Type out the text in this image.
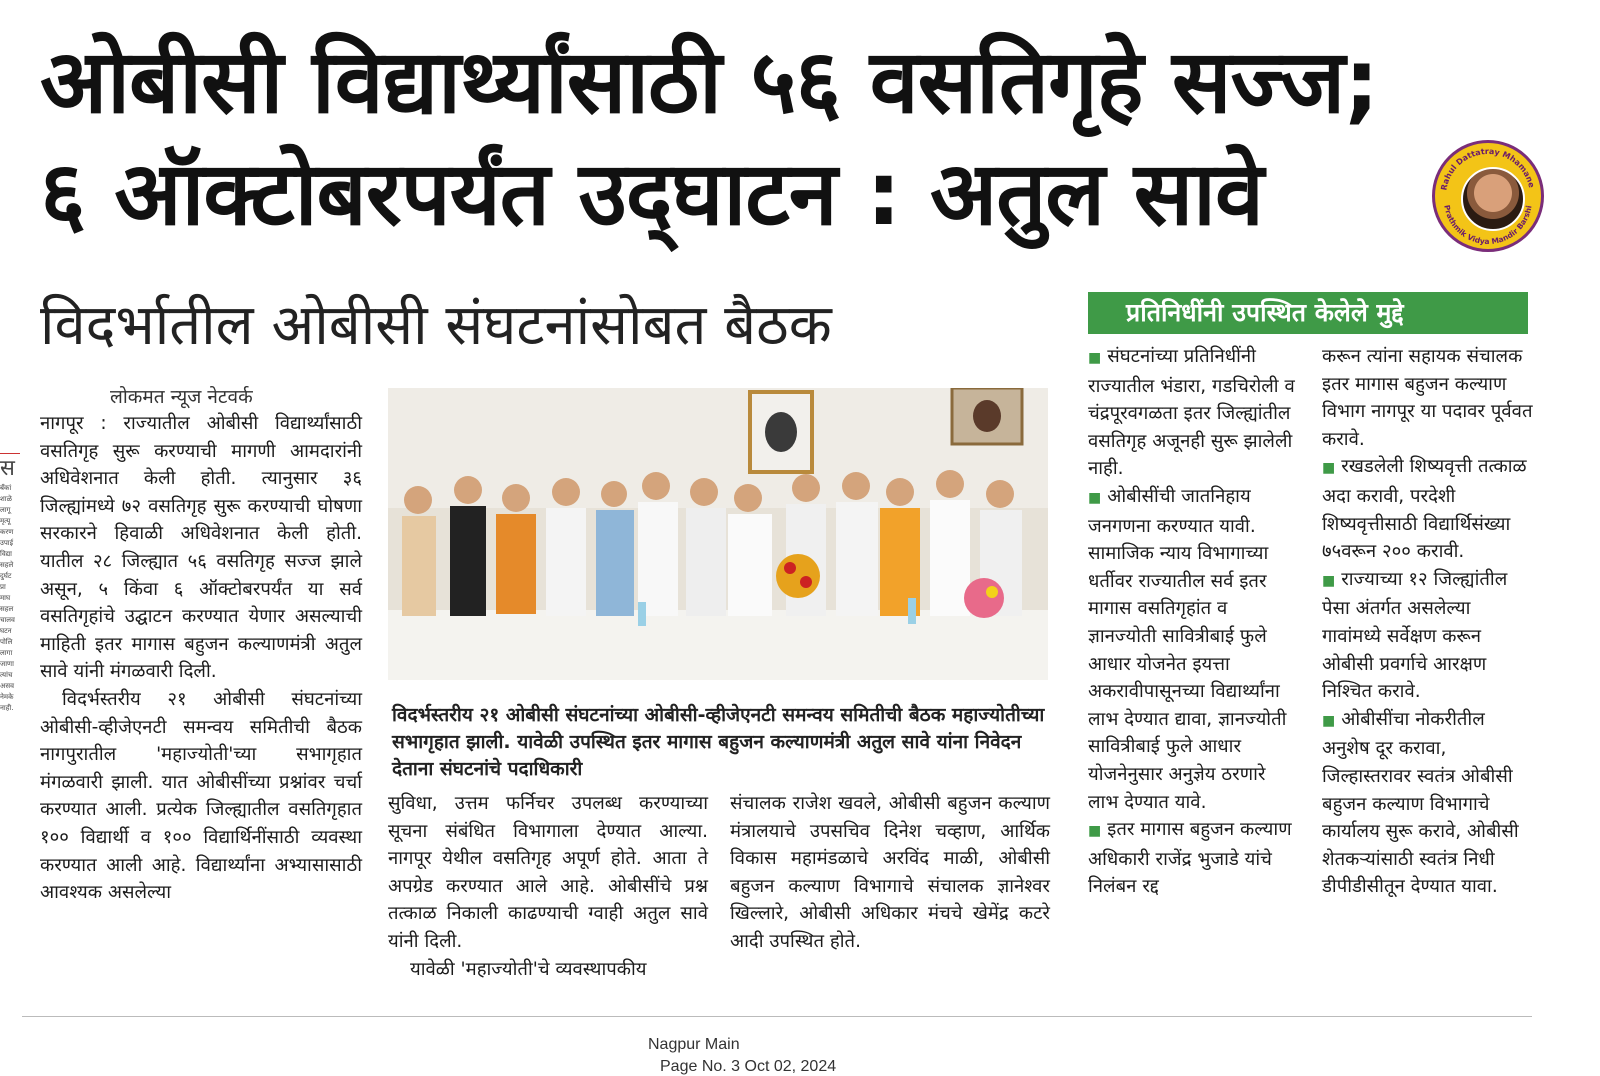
स
बँकां
शाळे
लागू
मृत्यू
करण
उपाई
विद्या
सहले
दुर्घट
प्रा
माघ
सहल
चालव
घटन
पोलि
लागा
जाणा
त्यांच
असव
नेमके
नाही.
ओबीसी विद्यार्थ्यांसाठी ५६ वसतिगृहे सज्ज;
६ ऑक्टोबरपर्यंत उद्‌घाटन : अतुल सावे
विदर्भातील ओबीसी संघटनांसोबत बैठक
Rahul Dattatray Mhamane
Prathmik Vidya Mandir Barshi
प्रतिनिधींनी उपस्थित केलेले मुद्दे
लोकमत न्यूज नेटवर्क

नागपूर : राज्यातील ओबीसी विद्यार्थ्यांसाठी वसतिगृह सुरू करण्याची मागणी आमदारांनी अधिवेशनात केली होती. त्यानुसार ३६ जिल्ह्यांमध्ये ७२ वसतिगृह सुरू करण्याची घोषणा सरकारने हिवाळी अधिवेशनात केली होती. यातील २८ जिल्ह्यात ५६ वसतिगृह सज्ज झाले असून, ५ किंवा ६ ऑक्टोबरपर्यंत या सर्व वसतिगृहांचे उद्घाटन करण्यात येणार असल्याची माहिती इतर मागास बहुजन कल्याणमंत्री अतुल सावे यांनी मंगळवारी दिली.

विदर्भस्तरीय २१ ओबीसी संघटनांच्या ओबीसी-व्हीजेएनटी समन्वय समितीची बैठक नागपुरातील 'महाज्योती'च्या सभागृहात मंगळवारी झाली. यात ओबीसींच्या प्रश्नांवर चर्चा करण्यात आली. प्रत्येक जिल्ह्यातील वसतिगृहात १०० विद्यार्थी व १०० विद्यार्थिनींसाठी व्यवस्था करण्यात आली आहे. विद्यार्थ्यांना अभ्यासासाठी आवश्यक असलेल्या

विदर्भस्तरीय २१ ओबीसी संघटनांच्या ओबीसी-व्हीजेएनटी समन्वय समितीची बैठक महाज्योतीच्या सभागृहात झाली. यावेळी उपस्थित इतर मागास बहुजन कल्याणमंत्री अतुल सावे यांना निवेदन देताना संघटनांचे पदाधिकारी

सुविधा, उत्तम फर्निचर उपलब्ध करण्याच्या सूचना संबंधित विभागाला देण्यात आल्या. नागपूर येथील वसतिगृह अपूर्ण होते. आता ते अपग्रेड करण्यात आले आहे. ओबीसींचे प्रश्न तत्काळ निकाली काढण्याची ग्वाही अतुल सावे यांनी दिली.

यावेळी 'महाज्योती'चे व्यवस्थापकीय

संचालक राजेश खवले, ओबीसी बहुजन कल्याण मंत्रालयाचे उपसचिव दिनेश चव्हाण, आर्थिक विकास महामंडळाचे अरविंद माळी, ओबीसी बहुजन कल्याण विभागाचे संचालक ज्ञानेश्वर खिल्लारे, ओबीसी अधिकार मंचचे खेमेंद्र कटरे आदी उपस्थित होते.

■ संघटनांच्या प्रतिनिधींनी राज्यातील भंडारा, गडचिरोली व चंद्रपूरवगळता इतर जिल्ह्यांतील वसतिगृह अजूनही सुरू झालेली नाही.

■ ओबीसींची जातनिहाय जनगणना करण्यात यावी. सामाजिक न्याय विभागाच्या धर्तीवर राज्यातील सर्व इतर मागास वसतिगृहांत व ज्ञानज्योती सावित्रीबाई फुले आधार योजनेत इयत्ता अकरावीपासूनच्या विद्यार्थ्यांना लाभ देण्यात द्यावा, ज्ञानज्योती सावित्रीबाई फुले आधार योजनेनुसार अनुज्ञेय ठरणारे लाभ देण्यात यावे.

■ इतर मागास बहुजन कल्याण अधिकारी राजेंद्र भुजाडे यांचे निलंबन रद्द

करून त्यांना सहायक संचालक इतर मागास बहुजन कल्याण विभाग नागपूर या पदावर पूर्ववत करावे.

■ रखडलेली शिष्यवृत्ती तत्काळ अदा करावी, परदेशी शिष्यवृत्तीसाठी विद्यार्थिसंख्या ७५वरून २०० करावी.

■ राज्याच्या १२ जिल्ह्यांतील पेसा अंतर्गत असलेल्या गावांमध्ये सर्वेक्षण करून ओबीसी प्रवर्गाचे आरक्षण निश्चित करावे.

■ ओबीसींचा नोकरीतील अनुशेष दूर करावा, जिल्हास्तरावर स्वतंत्र ओबीसी बहुजन कल्याण विभागाचे कार्यालय सुरू करावे, ओबीसी शेतकऱ्यांसाठी स्वतंत्र निधी डीपीडीसीतून देण्यात यावा.

Nagpur Main
Page No. 3 Oct 02, 2024
